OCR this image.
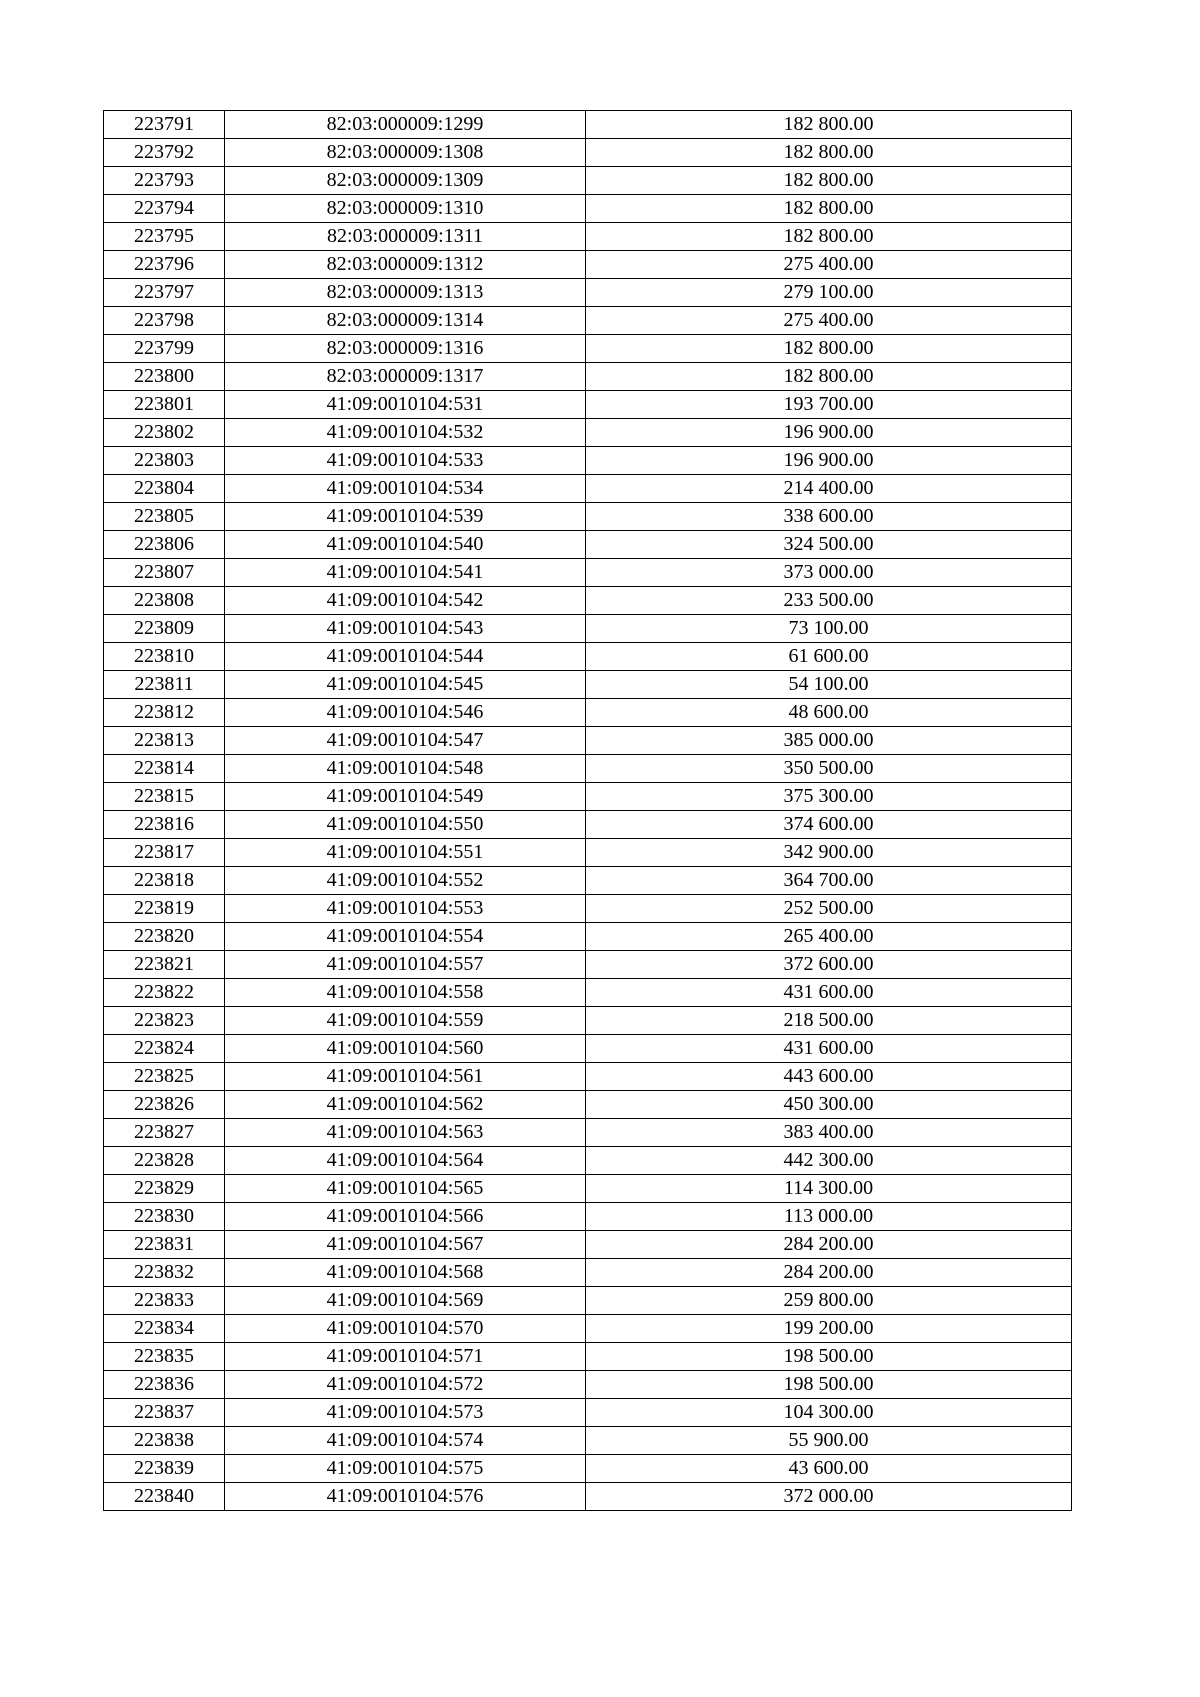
223791	82:03:000009:1299	182 800.00
223792	82:03:000009:1308	182 800.00
223793	82:03:000009:1309	182 800.00
223794	82:03:000009:1310	182 800.00
223795	82:03:000009:1311	182 800.00
223796	82:03:000009:1312	275 400.00
223797	82:03:000009:1313	279 100.00
223798	82:03:000009:1314	275 400.00
223799	82:03:000009:1316	182 800.00
223800	82:03:000009:1317	182 800.00
223801	41:09:0010104:531	193 700.00
223802	41:09:0010104:532	196 900.00
223803	41:09:0010104:533	196 900.00
223804	41:09:0010104:534	214 400.00
223805	41:09:0010104:539	338 600.00
223806	41:09:0010104:540	324 500.00
223807	41:09:0010104:541	373 000.00
223808	41:09:0010104:542	233 500.00
223809	41:09:0010104:543	73 100.00
223810	41:09:0010104:544	61 600.00
223811	41:09:0010104:545	54 100.00
223812	41:09:0010104:546	48 600.00
223813	41:09:0010104:547	385 000.00
223814	41:09:0010104:548	350 500.00
223815	41:09:0010104:549	375 300.00
223816	41:09:0010104:550	374 600.00
223817	41:09:0010104:551	342 900.00
223818	41:09:0010104:552	364 700.00
223819	41:09:0010104:553	252 500.00
223820	41:09:0010104:554	265 400.00
223821	41:09:0010104:557	372 600.00
223822	41:09:0010104:558	431 600.00
223823	41:09:0010104:559	218 500.00
223824	41:09:0010104:560	431 600.00
223825	41:09:0010104:561	443 600.00
223826	41:09:0010104:562	450 300.00
223827	41:09:0010104:563	383 400.00
223828	41:09:0010104:564	442 300.00
223829	41:09:0010104:565	114 300.00
223830	41:09:0010104:566	113 000.00
223831	41:09:0010104:567	284 200.00
223832	41:09:0010104:568	284 200.00
223833	41:09:0010104:569	259 800.00
223834	41:09:0010104:570	199 200.00
223835	41:09:0010104:571	198 500.00
223836	41:09:0010104:572	198 500.00
223837	41:09:0010104:573	104 300.00
223838	41:09:0010104:574	55 900.00
223839	41:09:0010104:575	43 600.00
223840	41:09:0010104:576	372 000.00
